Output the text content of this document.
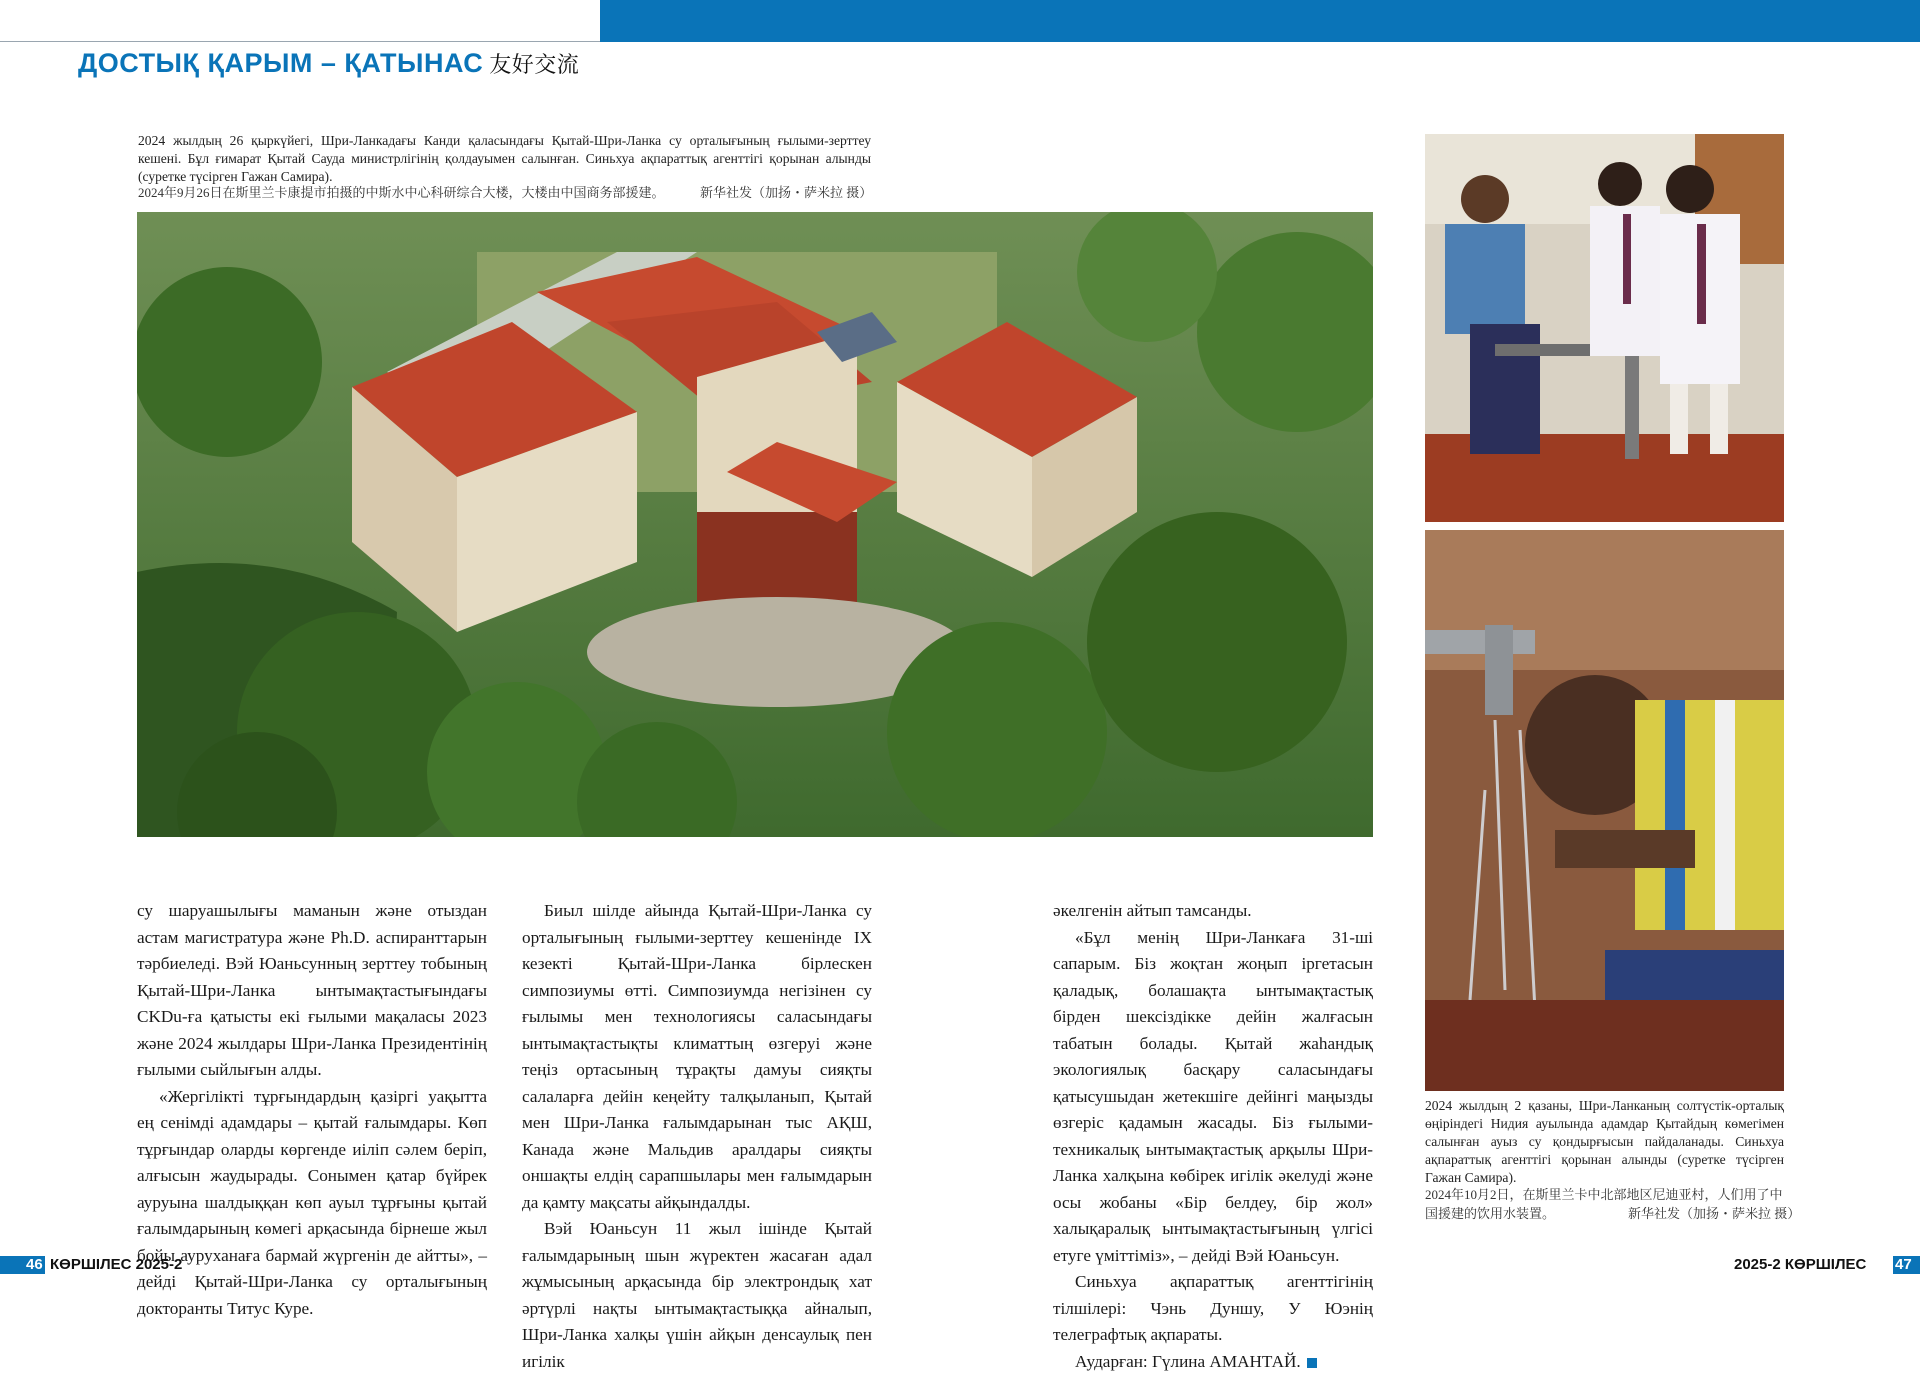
ДОСТЫҚ ҚАРЫМ – ҚАТЫНАС 友好交流
2024 жылдың 26 қыркүйегі, Шри-Ланкадағы Канди қаласындағы Қытай-Шри-Ланка су орталығының ғылыми-зерттеу кешені. Бұл ғимарат Қытай Сауда министрлігінің қолдауымен салынған. Синьхуа ақпараттық агенттігі қорынан алынды (суретке түсірген Гажан Самира).
2024年9月26日在斯里兰卡康提市拍摄的中斯水中心科研综合大楼，大楼由中国商务部援建。	新华社发（加扬・萨米拉 摄）
2024 жылдың 2 қазаны, Шри-Ланканың солтүстік-орталық өңіріндегі Нидия ауылында адамдар Қытайдың көмегімен салынған ауыз су қондырғысын пайдаланады. Синьхуа ақпараттық агенттігі қорынан алынды (суретке түсірген Гажан Самира).
2024年10月2日，在斯里兰卡中北部地区尼迪亚村，人们用了中
国援建的饮用水装置。	新华社发（加扬・萨米拉 摄）

су шаруашылығы маманын және отыздан астам магистратура және Ph.D. аспиранттарын тәрбиеледі. Вэй Юаньсунның зерттеу тобының Қытай-Шри-Ланка ынтымақтастығындағы CKDu-ға қатысты екі ғылыми мақаласы 2023 және 2024 жылдары Шри-Ланка Президентінің ғылыми сыйлығын алды.

«Жергілікті тұрғындардың қазіргі уақытта ең сенімді адамдары – қытай ғалымдары. Көп тұрғындар оларды көргенде иіліп сәлем беріп, алғысын жаудырады. Сонымен қатар бүйрек ауруына шалдыққан көп ауыл тұрғыны қытай ғалымдарының көмегі арқасында бірнеше жыл бойы ауруханаға бармай жүргенін де айтты», – дейді Қытай-Шри-Ланка су орталығының докторанты Титус Куре.

Биыл шілде айында Қытай-Шри-Ланка су орталығының ғылыми-зерттеу кешенінде IX кезекті Қытай-Шри-Ланка бірлескен симпозиумы өтті. Симпозиумда негізінен су ғылымы мен технологиясы саласындағы ынтымақтастықты климаттың өзгеруі және теңіз ортасының тұрақты дамуы сияқты салаларға дейін кеңейту талқыланып, Қытай мен Шри-Ланка ғалымдарынан тыс АҚШ, Канада және Мальдив аралдары сияқты оншақты елдің сарапшылары мен ғалымдарын да қамту мақсаты айқындалды.

Вэй Юаньсун 11 жыл ішінде Қытай ғалымдарының шын жүректен жасаған адал жұмысының арқасында бір электрондық хат әртүрлі нақты ынтымақтастыққа айналып, Шри-Ланка халқы үшін айқын денсаулық пен игілік

әкелгенін айтып тамсанды.

«Бұл менің Шри-Ланкаға 31-ші сапарым. Біз жоқтан жоңып іргетасын қаладық, болашақта ынтымақтастық бірден шексіздікке дейін жалғасын табатын болады. Қытай жаһандық экологиялық басқару саласындағы қатысушыдан жетекшіге дейінгі маңызды өзгеріс қадамын жасады. Біз ғылыми-техникалық ынтымақтастық арқылы Шри-Ланка халқына көбірек игілік әкелуді және осы жобаны «Бір белдеу, бір жол» халықаралық ынтымақтастығының үлгісі етуге үміттіміз», – дейді Вэй Юаньсун.

Синьхуа ақпараттық агенттігінің тілшілері: Чэнь Дуншу, У Юэнің телеграфтық ақпараты.

Аударған: Гүлина АМАНТАЙ.

46 КӨРШІЛЕС 2025-2	2025-2 КӨРШІЛЕС 47
